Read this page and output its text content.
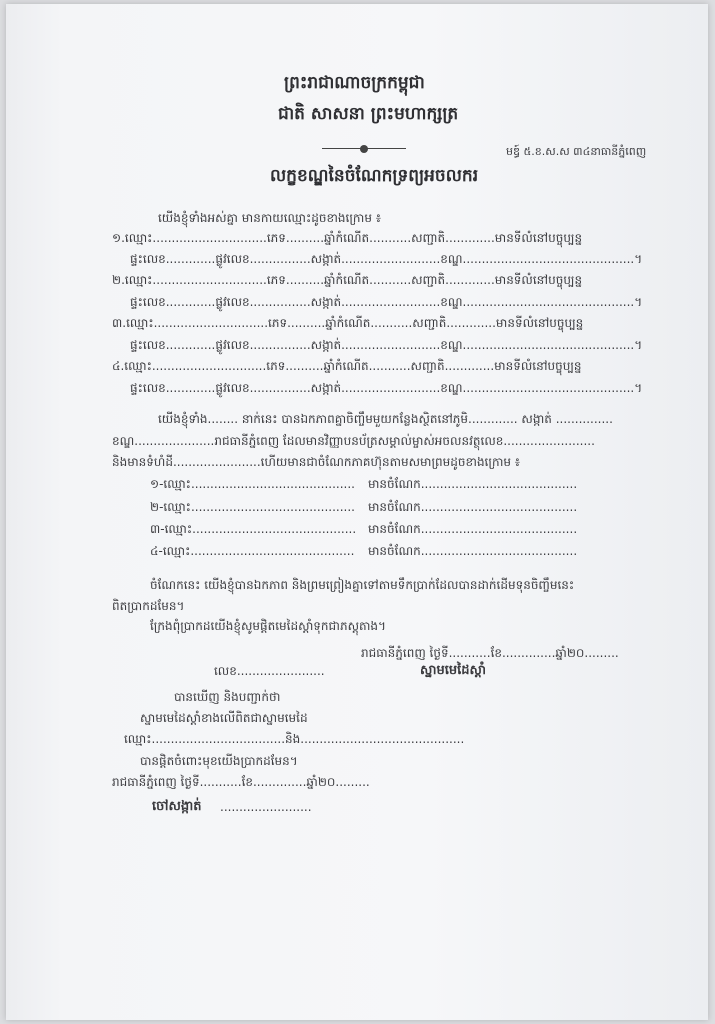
ព្រះរាជាណាចក្រកម្ពុជា
ជាតិ សាសនា ព្រះមហាក្សត្រ
មឌ្ធ៍ ៥.ខ.ស.ស ៣៤នាធានីភ្នំពេញ
លក្ខខណ្ឌនៃចំណែកទ្រព្យអចលករ
យើងខ្ញុំទាំងអស់គ្នា មានកាយឈ្មោះដូចខាងក្រោម ៖
១.ឈ្មោះ..............................ភេទ..........ឆ្នាំកំណើត...........សញ្ជាតិ.............មានទីលំនៅបច្ចុប្បន្ន
ផ្ទះលេខ.............ផ្លូវលេខ................សង្កាត់..........................ខណ្ឌ.............................................។
២.ឈ្មោះ..............................ភេទ..........ឆ្នាំកំណើត...........សញ្ជាតិ.............មានទីលំនៅបច្ចុប្បន្ន
ផ្ទះលេខ.............ផ្លូវលេខ................សង្កាត់..........................ខណ្ឌ.............................................។
៣.ឈ្មោះ..............................ភេទ..........ឆ្នាំកំណើត...........សញ្ជាតិ.............មានទីលំនៅបច្ចុប្បន្ន
ផ្ទះលេខ.............ផ្លូវលេខ................សង្កាត់..........................ខណ្ឌ.............................................។
៤.ឈ្មោះ..............................ភេទ..........ឆ្នាំកំណើត...........សញ្ជាតិ.............មានទីលំនៅបច្ចុប្បន្ន
ផ្ទះលេខ.............ផ្លូវលេខ................សង្កាត់..........................ខណ្ឌ.............................................។
យើងខ្ញុំទាំង........ នាក់នេះ បានឯកភាពគ្នាចិញ្ចឹមមួយកន្លែងស្ថិតនៅភូមិ............. សង្កាត់ ...............
ខណ្ឌ.....................រាជធានីភ្នំពេញ ដែលមានវិញ្ញាបនប័ត្រសម្គាល់ម្ចាស់អចលនវត្ថុលេខ........................
និងមានទំហំដី.......................ហើយមានជាចំណែកភាគហ៊ុនតាមសមាព្រមដូចខាងក្រោម ៖
១-ឈ្មោះ........................................... មានចំណែក.........................................
២-ឈ្មោះ........................................... មានចំណែក.........................................
៣-ឈ្មោះ........................................... មានចំណែក.........................................
៤-ឈ្មោះ........................................... មានចំណែក.........................................
ចំណែកនេះ យើងខ្ញុំបានឯកភាព និងព្រមព្រៀងគ្នាទៅតាមទឹកប្រាក់ដែលបានដាក់ដើមទុនចិញ្ចឹមនេះ
ពិតប្រាកដមែន។
ក្រែងពុំប្រាកដយើងខ្ញុំសូមផ្តិតមេដៃស្តាំទុកជាភស្តុតាង។
រាជធានីភ្នំពេញ ថ្ងៃទី...........ខែ..............ឆ្នាំ២០.........
លេខ.......................	ស្នាមមេដៃស្តាំ
បានឃើញ និងបញ្ជាក់ថា
ស្នាមមេដៃស្តាំខាងលើពិតជាស្នាមមេដៃ
ឈ្មោះ...................................និង...........................................
បានផ្តិតចំពោះមុខយើងប្រាកដមែន។
រាជធានីភ្នំពេញ ថ្ងៃទី...........ខែ..............ឆ្នាំ២០.........
ចៅសង្កាត់ ........................
